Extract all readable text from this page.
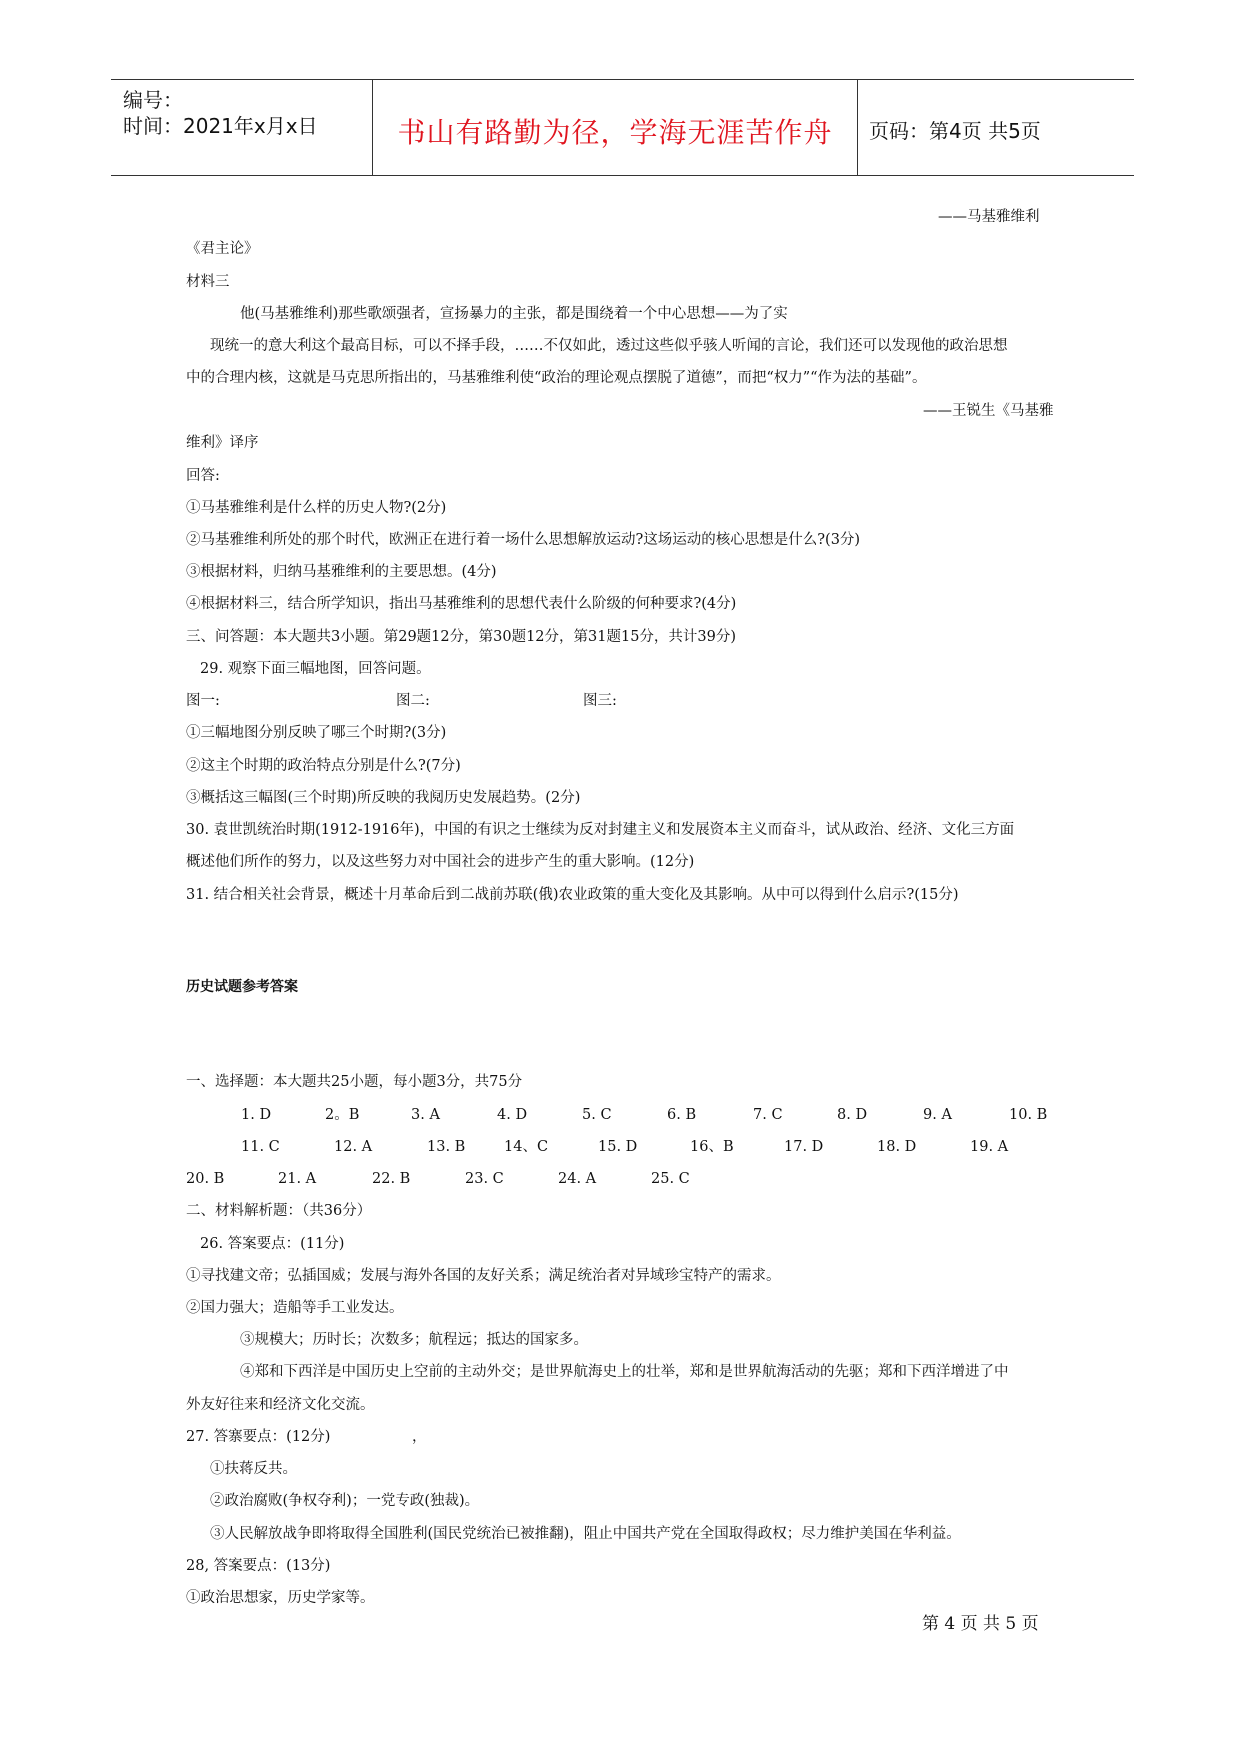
编号：
时间：2021年x月x日	书山有路勤为径，学海无涯苦作舟	页码：第4页 共5页
——马基雅维利
《君主论》
材料三
他(马基雅维利)那些歌颂强者，宣扬暴力的主张，都是围绕着一个中心思想——为了实
现统一的意大利这个最高目标，可以不择手段，……不仅如此，透过这些似乎骇人听闻的言论，我们还可以发现他的政治思想
中的合理内核，这就是马克思所指出的，马基雅维利使“政治的理论观点摆脱了道德”，而把“权力”“作为法的基础”。
——王锐生《马基雅
维利》译序
回答:
①马基雅维利是什么样的历史人物?(2分)
②马基雅维利所处的那个时代，欧洲正在进行着一场什么思想解放运动?这场运动的核心思想是什么?(3分)
③根据材料，归纳马基雅维利的主要思想。(4分)
④根据材料三，结合所学知识，指出马基雅维利的思想代表什么阶级的何种要求?(4分)
三、问答题：本大题共3小题。第29题12分，第30题12分，第31题15分，共计39分)
29. 观察下面三幅地图，回答问题。
图一:	图二:	图三:
①三幅地图分别反映了哪三个时期?(3分)
②这主个时期的政治特点分别是什么?(7分)
③概括这三幅图(三个时期)所反映的我阋历史发展趋势。(2分)
30. 袁世凯统治时期(1912-1916年)，中国的有识之士继续为反对封建主义和发展资本主义而奋斗，试从政治、经济、文化三方面
概述他们所作的努力，以及这些努力对中国社会的进步产生的重大影响。(12分)
31. 结合相关社会背景，概述十月革命后到二战前苏联(俄)农业政策的重大变化及其影响。从中可以得到什么启示?(15分)
历史试题参考答案
一、选择题：本大题共25小题，每小题3分，共75分
1. D	2。B	3. A	4. D	5. C	6. B	7. C	8. D	9. A	10. B
11. C	12. A	13. B	14、C	15. D	16、B	17. D	18. D	19. A
20. B	21. A	22. B	23. C	24. A	25. C
二、材料解析题：（共36分）
26. 答案要点：(11分)
①寻找建文帝；弘插国威；发展与海外各国的友好关系；满足统治者对异域珍宝特产的需求。
②国力强大；造船等手工业发达。
③规模大；历时长；次数多；航程远；抵达的国家多。
④郑和下西洋是中国历史上空前的主动外交；是世界航海史上的壮举，郑和是世界航海活动的先驱；郑和下西洋增进了中
外友好往来和经济文化交流。
27. 答寨要点：(12分)	，
①扶蒋反共。
②政治腐败(争权夺利)；一党专政(独裁)。
③人民解放战争即将取得全国胜利(国民党统治已被推翻)，阻止中国共产党在全国取得政权；尽力维护美国在华利益。
28, 答案要点：(13分)
①政治思想家，历史学家等。
第 4 页 共 5 页
